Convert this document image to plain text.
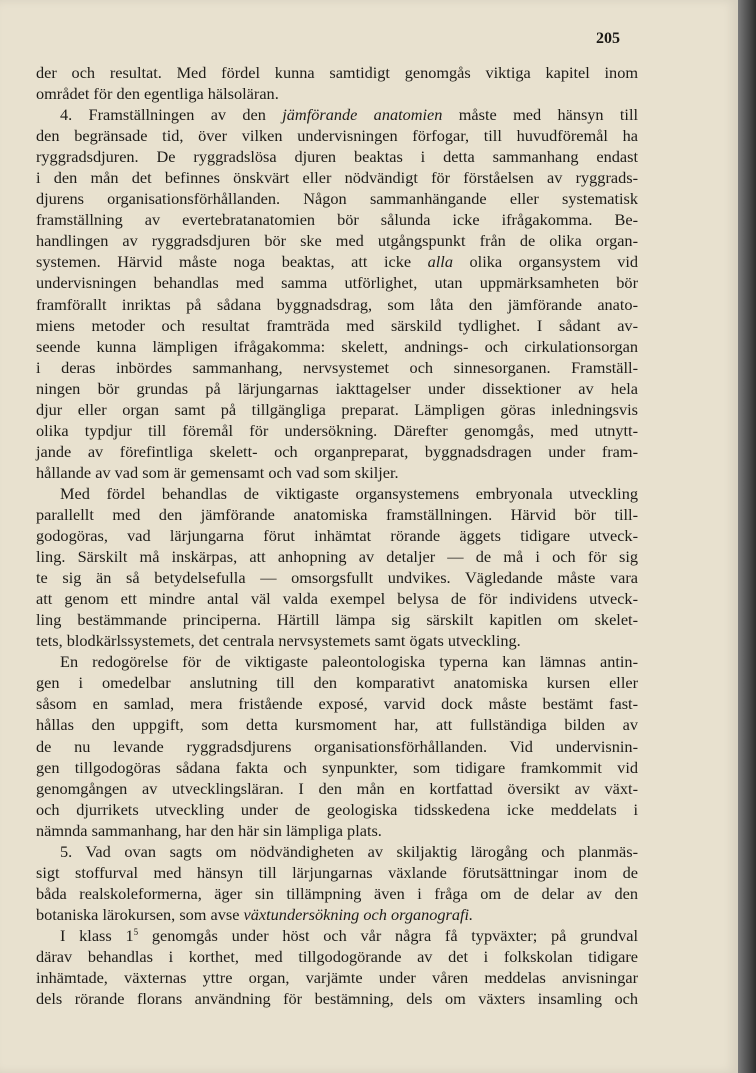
205
der och resultat. Med fördel kunna samtidigt genomgås viktiga kapitel inom
området för den egentliga hälsoläran.
4. Framställningen av den jämförande anatomien måste med hänsyn till
den begränsade tid, över vilken undervisningen förfogar, till huvudföremål ha
ryggradsdjuren. De ryggradslösa djuren beaktas i detta sammanhang endast
i den mån det befinnes önskvärt eller nödvändigt för förståelsen av ryggrads-
djurens organisationsförhållanden. Någon sammanhängande eller systematisk
framställning av evertebratanatomien bör sålunda icke ifrågakomma. Be-
handlingen av ryggradsdjuren bör ske med utgångspunkt från de olika organ-
systemen. Härvid måste noga beaktas, att icke alla olika organsystem vid
undervisningen behandlas med samma utförlighet, utan uppmärksamheten bör
framförallt inriktas på sådana byggnadsdrag, som låta den jämförande anato-
miens metoder och resultat framträda med särskild tydlighet. I sådant av-
seende kunna lämpligen ifrågakomma: skelett, andnings- och cirkulationsorgan
i deras inbördes sammanhang, nervsystemet och sinnesorganen. Framställ-
ningen bör grundas på lärjungarnas iakttagelser under dissektioner av hela
djur eller organ samt på tillgängliga preparat. Lämpligen göras inledningsvis
olika typdjur till föremål för undersökning. Därefter genomgås, med utnytt-
jande av förefintliga skelett- och organpreparat, byggnadsdragen under fram-
hållande av vad som är gemensamt och vad som skiljer.
Med fördel behandlas de viktigaste organsystemens embryonala utveckling
parallellt med den jämförande anatomiska framställningen. Härvid bör till-
godogöras, vad lärjungarna förut inhämtat rörande äggets tidigare utveck-
ling. Särskilt må inskärpas, att anhopning av detaljer — de må i och för sig
te sig än så betydelsefulla — omsorgsfullt undvikes. Vägledande måste vara
att genom ett mindre antal väl valda exempel belysa de för individens utveck-
ling bestämmande principerna. Härtill lämpa sig särskilt kapitlen om skelet-
tets, blodkärlssystemets, det centrala nervsystemets samt ögats utveckling.
En redogörelse för de viktigaste paleontologiska typerna kan lämnas antin-
gen i omedelbar anslutning till den komparativt anatomiska kursen eller
såsom en samlad, mera fristående exposé, varvid dock måste bestämt fast-
hållas den uppgift, som detta kursmoment har, att fullständiga bilden av
de nu levande ryggradsdjurens organisationsförhållanden. Vid undervisnin-
gen tillgodogöras sådana fakta och synpunkter, som tidigare framkommit vid
genomgången av utvecklingsläran. I den mån en kortfattad översikt av växt-
och djurrikets utveckling under de geologiska tidsskedena icke meddelats i
nämnda sammanhang, har den här sin lämpliga plats.
5. Vad ovan sagts om nödvändigheten av skiljaktig lärogång och planmäs-
sigt stoffurval med hänsyn till lärjungarnas växlande förutsättningar inom de
båda realskoleformerna, äger sin tillämpning även i fråga om de delar av den
botaniska lärokursen, som avse växtundersökning och organografi.
I klass $1^5$ genomgås under höst och vår några få typväxter; på grundval
därav behandlas i korthet, med tillgodogörande av det i folkskolan tidigare
inhämtade, växternas yttre organ, varjämte under våren meddelas anvisningar
dels rörande florans användning för bestämning, dels om växters insamling och
